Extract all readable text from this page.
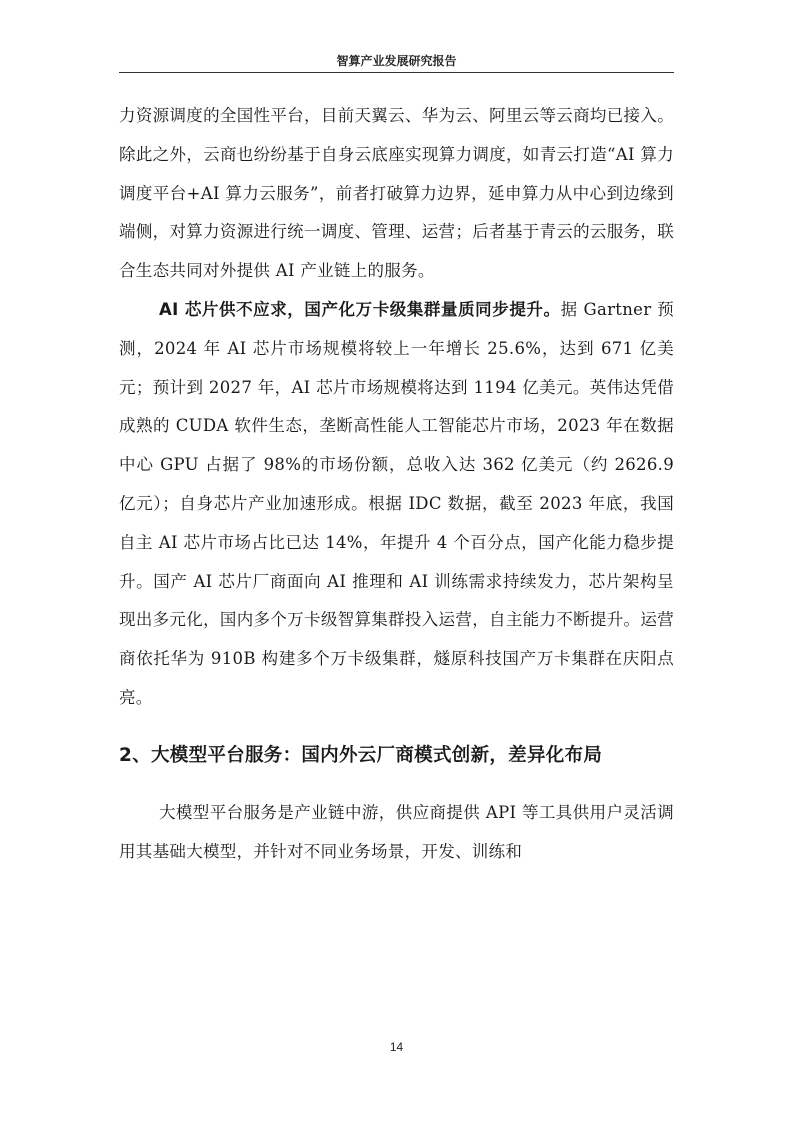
智算产业发展研究报告

力资源调度的全国性平台，目前天翼云、华为云、阿里云等云商均已接入。除此之外，云商也纷纷基于自身云底座实现算力调度，如青云打造“AI 算力调度平台+AI 算力云服务”，前者打破算力边界，延申算力从中心到边缘到端侧，对算力资源进行统一调度、管理、运营；后者基于青云的云服务，联合生态共同对外提供 AI 产业链上的服务。

AI 芯片供不应求，国产化万卡级集群量质同步提升。据 Gartner 预测，2024 年 AI 芯片市场规模将较上一年增长 25.6%，达到 671 亿美元；预计到 2027 年，AI 芯片市场规模将达到 1194 亿美元。英伟达凭借成熟的 CUDA 软件生态，垄断高性能人工智能芯片市场，2023 年在数据中心 GPU 占据了 98%的市场份额，总收入达 362 亿美元（约 2626.9 亿元）；自身芯片产业加速形成。根据 IDC 数据，截至 2023 年底，我国自主 AI 芯片市场占比已达 14%，年提升 4 个百分点，国产化能力稳步提升。国产 AI 芯片厂商面向 AI 推理和 AI 训练需求持续发力，芯片架构呈现出多元化，国内多个万卡级智算集群投入运营，自主能力不断提升。运营商依托华为 910B 构建多个万卡级集群，燧原科技国产万卡集群在庆阳点亮。

2、大模型平台服务：国内外云厂商模式创新，差异化布局

大模型平台服务是产业链中游，供应商提供 API 等工具供用户灵活调用其基础大模型，并针对不同业务场景，开发、训练和

14
